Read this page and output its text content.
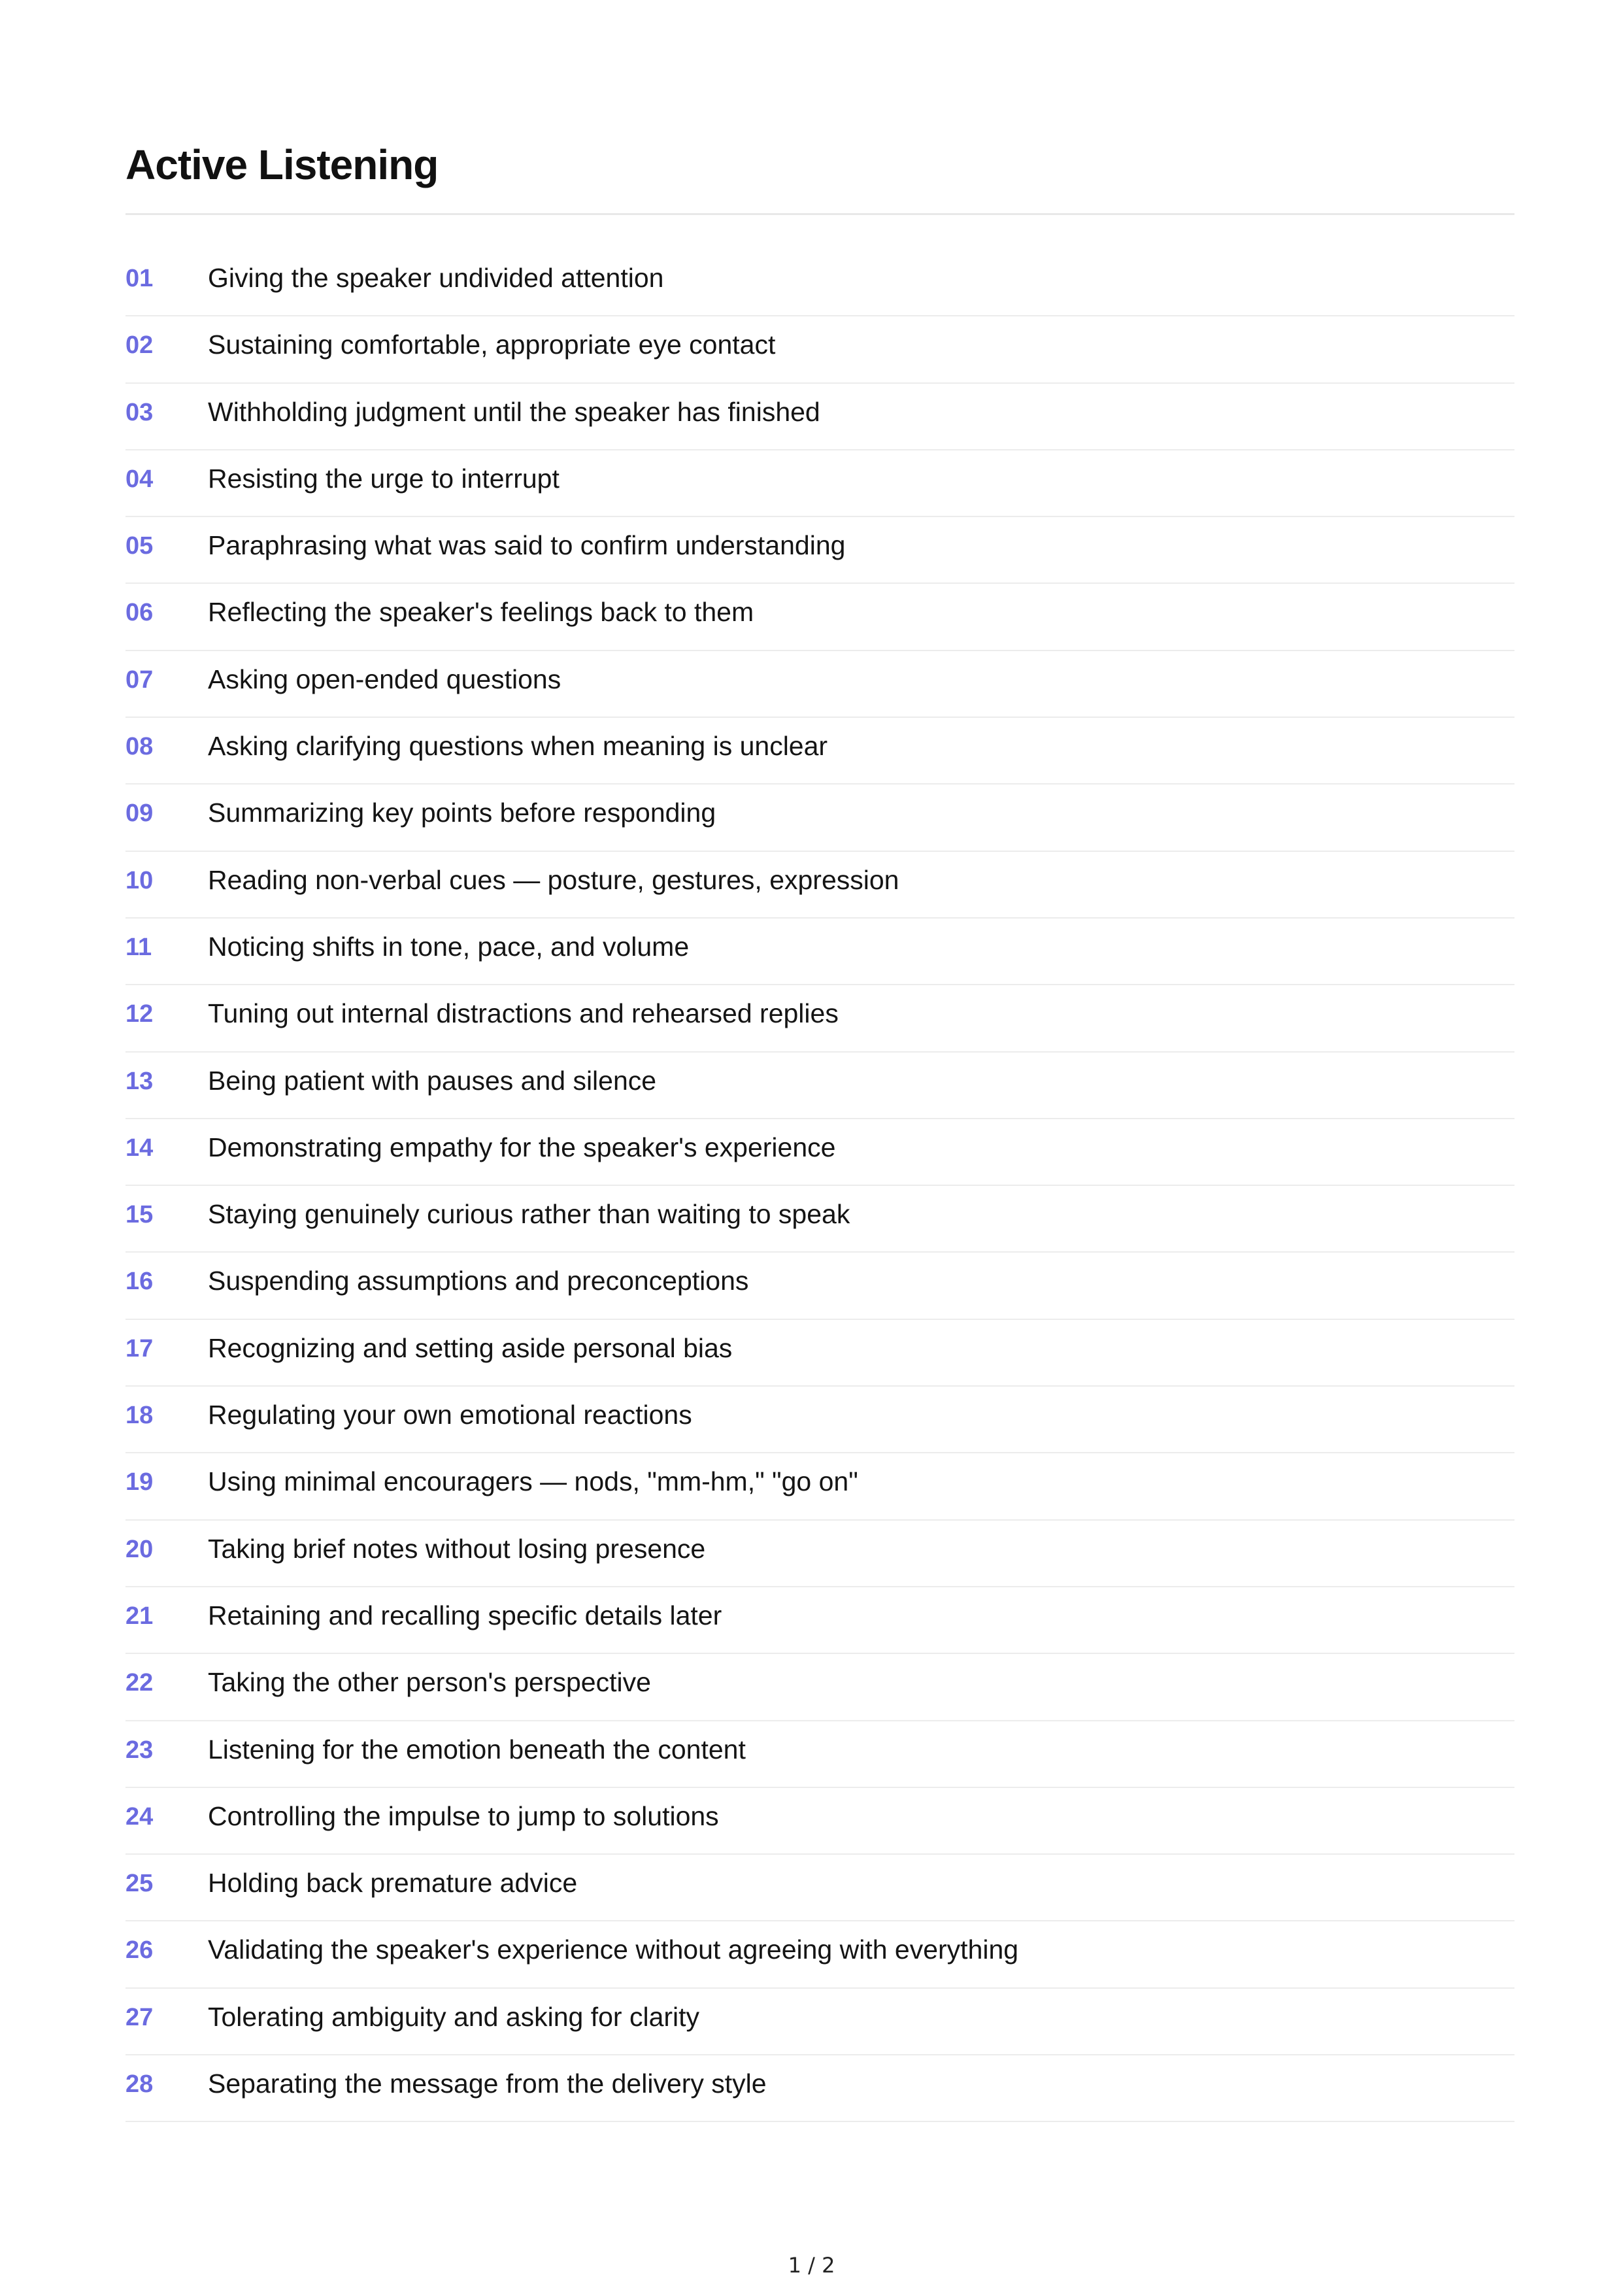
Active Listening
01 Giving the speaker undivided attention
02 Sustaining comfortable, appropriate eye contact
03 Withholding judgment until the speaker has finished
04 Resisting the urge to interrupt
05 Paraphrasing what was said to confirm understanding
06 Reflecting the speaker's feelings back to them
07 Asking open-ended questions
08 Asking clarifying questions when meaning is unclear
09 Summarizing key points before responding
10 Reading non-verbal cues — posture, gestures, expression
11 Noticing shifts in tone, pace, and volume
12 Tuning out internal distractions and rehearsed replies
13 Being patient with pauses and silence
14 Demonstrating empathy for the speaker's experience
15 Staying genuinely curious rather than waiting to speak
16 Suspending assumptions and preconceptions
17 Recognizing and setting aside personal bias
18 Regulating your own emotional reactions
19 Using minimal encouragers — nods, "mm-hm," "go on"
20 Taking brief notes without losing presence
21 Retaining and recalling specific details later
22 Taking the other person's perspective
23 Listening for the emotion beneath the content
24 Controlling the impulse to jump to solutions
25 Holding back premature advice
26 Validating the speaker's experience without agreeing with everything
27 Tolerating ambiguity and asking for clarity
28 Separating the message from the delivery style
1 / 2
